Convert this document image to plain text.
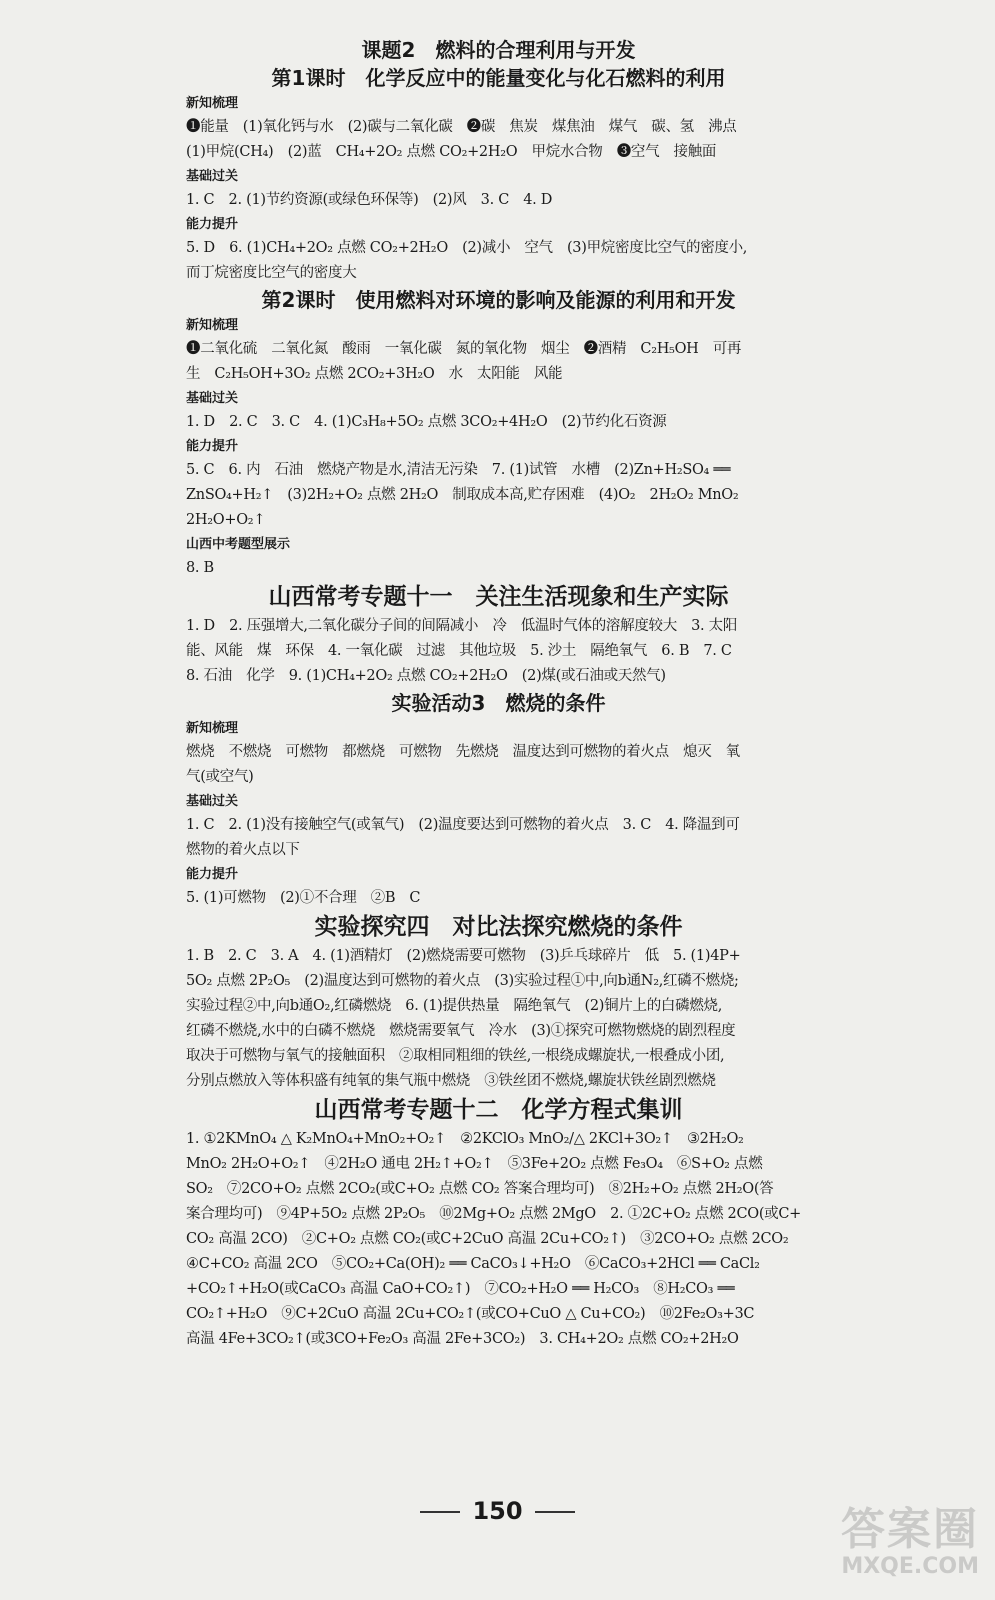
课题2　燃料的合理利用与开发

第1课时　化学反应中的能量变化与化石燃料的利用

新知梳理

❶能量　(1)氧化钙与水　(2)碳与二氧化碳　❷碳　焦炭　煤焦油　煤气　碳、氢　沸点

(1)甲烷(CH₄)　(2)蓝　CH₄+2O₂ 点燃 CO₂+2H₂O　甲烷水合物　❸空气　接触面

基础过关

1. C　2. (1)节约资源(或绿色环保等)　(2)风　3. C　4. D

能力提升

5. D　6. (1)CH₄+2O₂ 点燃 CO₂+2H₂O　(2)减小　空气　(3)甲烷密度比空气的密度小,

而丁烷密度比空气的密度大

第2课时　使用燃料对环境的影响及能源的利用和开发

新知梳理

❶二氧化硫　二氧化氮　酸雨　一氧化碳　氮的氧化物　烟尘　❷酒精　C₂H₅OH　可再

生　C₂H₅OH+3O₂ 点燃 2CO₂+3H₂O　水　太阳能　风能

基础过关

1. D　2. C　3. C　4. (1)C₃H₈+5O₂ 点燃 3CO₂+4H₂O　(2)节约化石资源

能力提升

5. C　6. 内　石油　燃烧产物是水,清洁无污染　7. (1)试管　水槽　(2)Zn+H₂SO₄ ══

ZnSO₄+H₂↑　(3)2H₂+O₂ 点燃 2H₂O　制取成本高,贮存困难　(4)O₂　2H₂O₂ MnO₂

2H₂O+O₂↑

山西中考题型展示

8. B

山西常考专题十一　关注生活现象和生产实际

1. D　2. 压强增大,二氧化碳分子间的间隔减小　冷　低温时气体的溶解度较大　3. 太阳

能、风能　煤　环保　4. 一氧化碳　过滤　其他垃圾　5. 沙土　隔绝氧气　6. B　7. C

8. 石油　化学　9. (1)CH₄+2O₂ 点燃 CO₂+2H₂O　(2)煤(或石油或天然气)

实验活动3　燃烧的条件

新知梳理

燃烧　不燃烧　可燃物　都燃烧　可燃物　先燃烧　温度达到可燃物的着火点　熄灭　氧

气(或空气)

基础过关

1. C　2. (1)没有接触空气(或氧气)　(2)温度要达到可燃物的着火点　3. C　4. 降温到可

燃物的着火点以下

能力提升

5. (1)可燃物　(2)①不合理　②B　C

实验探究四　对比法探究燃烧的条件

1. B　2. C　3. A　4. (1)酒精灯　(2)燃烧需要可燃物　(3)乒乓球碎片　低　5. (1)4P+

5O₂ 点燃 2P₂O₅　(2)温度达到可燃物的着火点　(3)实验过程①中,向b通N₂,红磷不燃烧;

实验过程②中,向b通O₂,红磷燃烧　6. (1)提供热量　隔绝氧气　(2)铜片上的白磷燃烧,

红磷不燃烧,水中的白磷不燃烧　燃烧需要氧气　冷水　(3)①探究可燃物燃烧的剧烈程度

取决于可燃物与氧气的接触面积　②取相同粗细的铁丝,一根绕成螺旋状,一根叠成小团,

分别点燃放入等体积盛有纯氧的集气瓶中燃烧　③铁丝团不燃烧,螺旋状铁丝剧烈燃烧

山西常考专题十二　化学方程式集训

1. ①2KMnO₄ △ K₂MnO₄+MnO₂+O₂↑　②2KClO₃ MnO₂/△ 2KCl+3O₂↑　③2H₂O₂

MnO₂ 2H₂O+O₂↑　④2H₂O 通电 2H₂↑+O₂↑　⑤3Fe+2O₂ 点燃 Fe₃O₄　⑥S+O₂ 点燃

SO₂　⑦2CO+O₂ 点燃 2CO₂(或C+O₂ 点燃 CO₂ 答案合理均可)　⑧2H₂+O₂ 点燃 2H₂O(答

案合理均可)　⑨4P+5O₂ 点燃 2P₂O₅　⑩2Mg+O₂ 点燃 2MgO　2. ①2C+O₂ 点燃 2CO(或C+

CO₂ 高温 2CO)　②C+O₂ 点燃 CO₂(或C+2CuO 高温 2Cu+CO₂↑)　③2CO+O₂ 点燃 2CO₂

④C+CO₂ 高温 2CO　⑤CO₂+Ca(OH)₂ ══ CaCO₃↓+H₂O　⑥CaCO₃+2HCl ══ CaCl₂

+CO₂↑+H₂O(或CaCO₃ 高温 CaO+CO₂↑)　⑦CO₂+H₂O ══ H₂CO₃　⑧H₂CO₃ ══

CO₂↑+H₂O　⑨C+2CuO 高温 2Cu+CO₂↑(或CO+CuO △ Cu+CO₂)　⑩2Fe₂O₃+3C

高温 4Fe+3CO₂↑(或3CO+Fe₂O₃ 高温 2Fe+3CO₂)　3. CH₄+2O₂ 点燃 CO₂+2H₂O

150	答案圈
MXQE.COM
